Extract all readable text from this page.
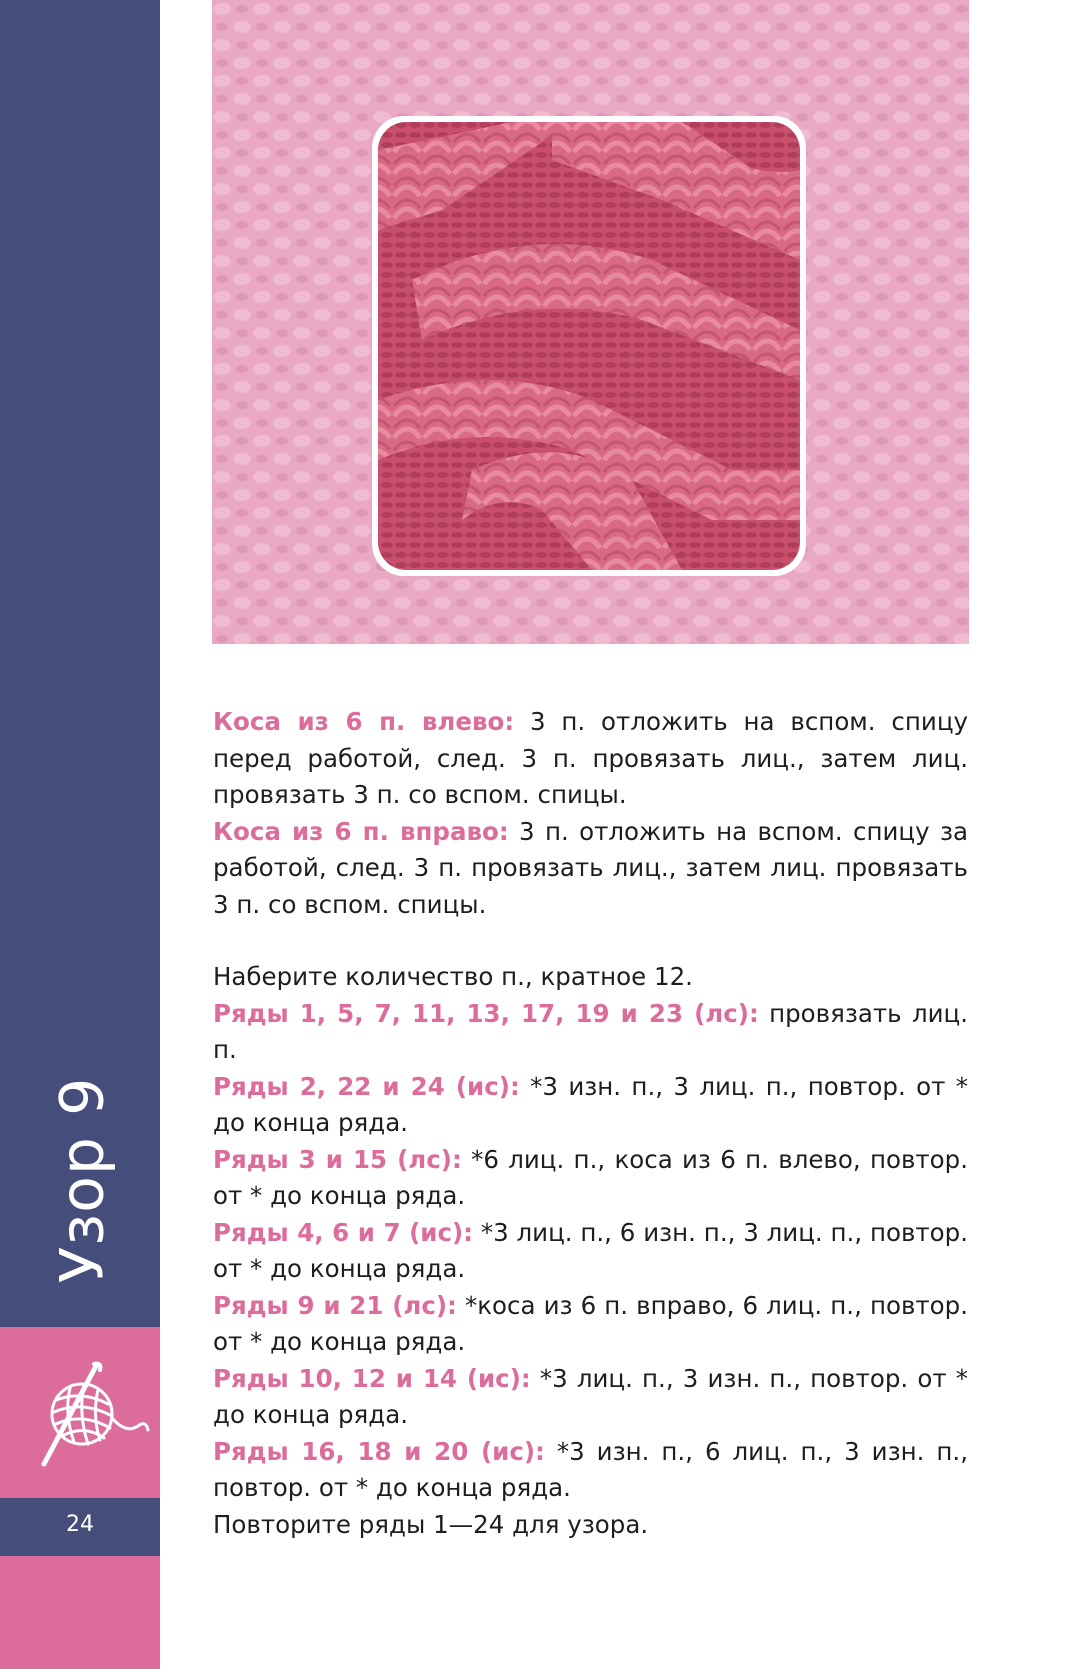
Узор 9
24

Коса из 6 п. влево: 3 п. отложить на вспом. спицу перед работой, след. 3 п. провязать лиц., затем лиц. провязать 3 п. со вспом. спицы.

Коса из 6 п. вправо: 3 п. отложить на вспом. спицу за работой, след. 3 п. провязать лиц., затем лиц. провязать 3 п. со вспом. спицы.

Наберите количество п., кратное 12.

Ряды 1, 5, 7, 11, 13, 17, 19 и 23 (лс): провязать лиц. п.

Ряды 2, 22 и 24 (ис): *3 изн. п., 3 лиц. п., повтор. от * до конца ряда.

Ряды 3 и 15 (лс): *6 лиц. п., коса из 6 п. влево, повтор. от * до конца ряда.

Ряды 4, 6 и 7 (ис): *3 лиц. п., 6 изн. п., 3 лиц. п., повтор. от * до конца ряда.

Ряды 9 и 21 (лс): *коса из 6 п. вправо, 6 лиц. п., повтор. от * до конца ряда.

Ряды 10, 12 и 14 (ис): *3 лиц. п., 3 изн. п., повтор. от * до конца ряда.

Ряды 16, 18 и 20 (ис): *3 изн. п., 6 лиц. п., 3 изн. п., повтор. от * до конца ряда.

Повторите ряды 1—24 для узора.
